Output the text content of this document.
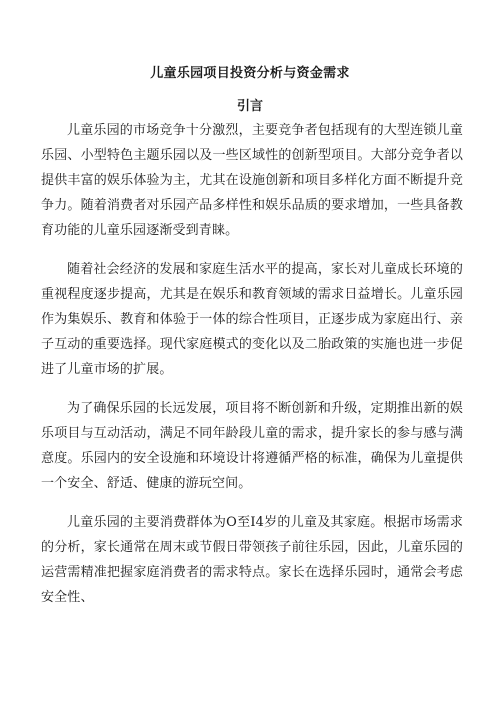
儿童乐园项目投资分析与资金需求
引言

儿童乐园的市场竞争十分激烈，主要竞争者包括现有的大型连锁儿童乐园、小型特色主题乐园以及一些区域性的创新型项目。大部分竞争者以提供丰富的娱乐体验为主，尤其在设施创新和项目多样化方面不断提升竞争力。随着消费者对乐园产品多样性和娱乐品质的要求增加，一些具备教育功能的儿童乐园逐渐受到青睐。

随着社会经济的发展和家庭生活水平的提高，家长对儿童成长环境的重视程度逐步提高，尤其是在娱乐和教育领域的需求日益增长。儿童乐园作为集娱乐、教育和体验于一体的综合性项目，正逐步成为家庭出行、亲子互动的重要选择。现代家庭模式的变化以及二胎政策的实施也进一步促进了儿童市场的扩展。

为了确保乐园的长远发展，项目将不断创新和升级，定期推出新的娱乐项目与互动活动，满足不同年龄段儿童的需求，提升家长的参与感与满意度。乐园内的安全设施和环境设计将遵循严格的标准，确保为儿童提供一个安全、舒适、健康的游玩空间。

儿童乐园的主要消费群体为O至I4岁的儿童及其家庭。根据市场需求的分析，家长通常在周末或节假日带领孩子前往乐园，因此，儿童乐园的运营需精准把握家庭消费者的需求特点。家长在选择乐园时，通常会考虑安全性、
